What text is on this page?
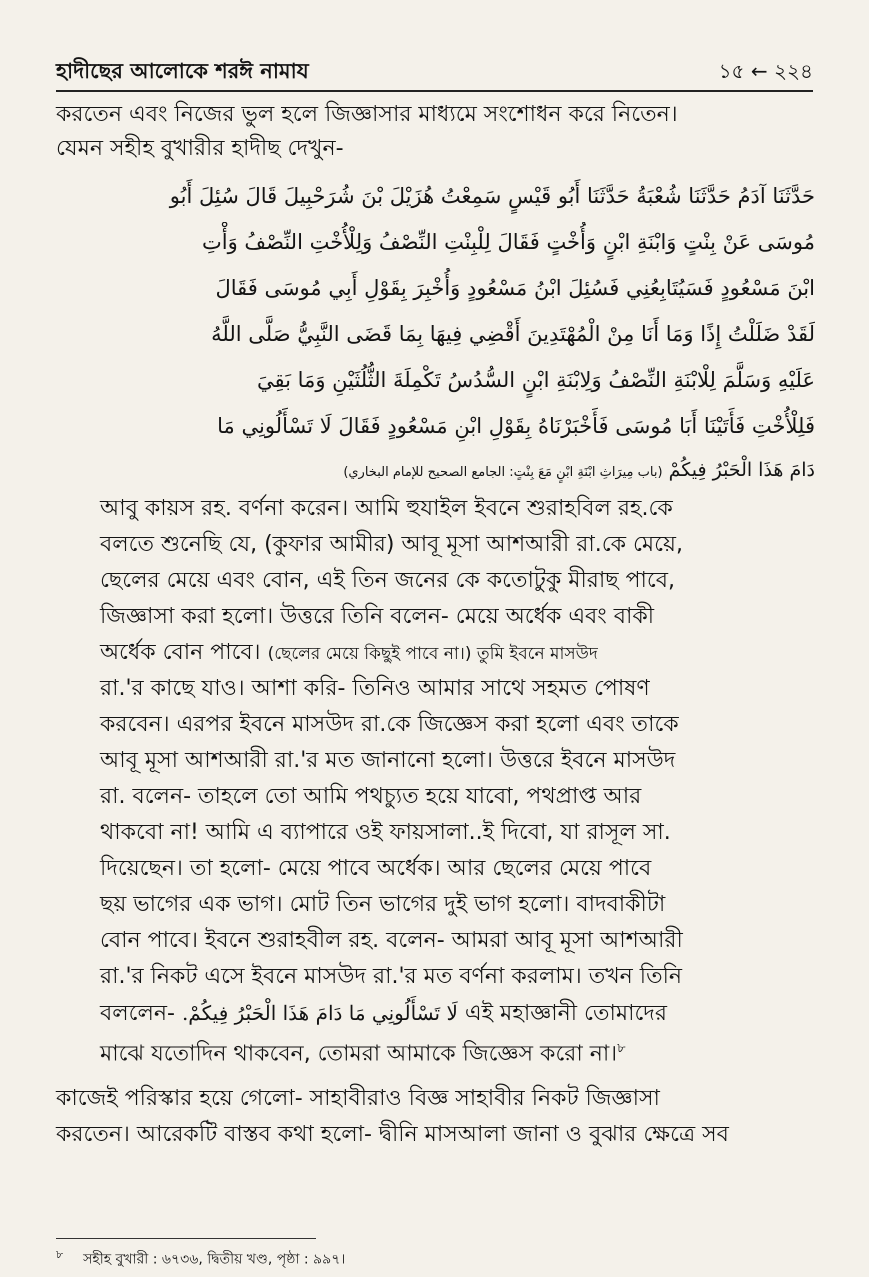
হাদীছের আলোকে শরঈ নামায	১৫ ← ২২৪
করতেন এবং নিজের ভুল হলে জিজ্ঞাসার মাধ্যমে সংশোধন করে নিতেন।
যেমন সহীহ বুখারীর হাদীছ দেখুন-
حَدَّثَنَا آدَمُ حَدَّثَنَا شُعْبَةُ حَدَّثَنَا أَبُو قَيْسٍ سَمِعْتُ هُزَيْلَ بْنَ شُرَحْبِيلَ قَالَ سُئِلَ أَبُو
مُوسَى عَنْ بِنْتٍ وَابْنَةِ ابْنٍ وَأُخْتٍ فَقَالَ لِلْبِنْتِ النِّصْفُ وَلِلْأُخْتِ النِّصْفُ وَأْتِ
ابْنَ مَسْعُودٍ فَسَيُتَابِعُنِي فَسُئِلَ ابْنُ مَسْعُودٍ وَأُخْبِرَ بِقَوْلِ أَبِي مُوسَى فَقَالَ
لَقَدْ ضَلَلْتُ إِذًا وَمَا أَنَا مِنْ الْمُهْتَدِينَ أَقْضِي فِيهَا بِمَا قَضَى النَّبِيُّ صَلَّى اللَّهُ
عَلَيْهِ وَسَلَّمَ لِلْابْنَةِ النِّصْفُ وَلِابْنَةِ ابْنٍ السُّدُسُ تَكْمِلَةَ الثُّلُثَيْنِ وَمَا بَقِيَ
فَلِلْأُخْتِ فَأَتَيْنَا أَبَا مُوسَى فَأَخْبَرْنَاهُ بِقَوْلِ ابْنِ مَسْعُودٍ فَقَالَ لَا تَسْأَلُونِي مَا
دَامَ هَذَا الْحَبْرُ فِيكُمْ (باب مِيرَاثِ ابْنَةِ ابْنٍ مَعَ بِنْتٍ: الجامع الصحيح للإمام البخاري)
আবু কায়স রহ. বর্ণনা করেন। আমি হুযাইল ইবনে শুরাহবিল রহ.কে
বলতে শুনেছি যে, (কুফার আমীর) আবূ মূসা আশআরী রা.কে মেয়ে,
ছেলের মেয়ে এবং বোন, এই তিন জনের কে কতোটুকু মীরাছ পাবে,
জিজ্ঞাসা করা হলো। উত্তরে তিনি বলেন- মেয়ে অর্ধেক এবং বাকী
অর্ধেক বোন পাবে। (ছেলের মেয়ে কিছুই পাবে না।) তুমি ইবনে মাসউদ
রা.'র কাছে যাও। আশা করি- তিনিও আমার সাথে সহমত পোষণ
করবেন। এরপর ইবনে মাসউদ রা.কে জিজ্ঞেস করা হলো এবং তাকে
আবূ মূসা আশআরী রা.'র মত জানানো হলো। উত্তরে ইবনে মাসউদ
রা. বলেন- তাহলে তো আমি পথচ্যুত হয়ে যাবো, পথপ্রাপ্ত আর
থাকবো না! আমি এ ব্যাপারে ওই ফায়সালা..ই দিবো, যা রাসূল সা.
দিয়েছেন। তা হলো- মেয়ে পাবে অর্ধেক। আর ছেলের মেয়ে পাবে
ছয় ভাগের এক ভাগ। মোট তিন ভাগের দুই ভাগ হলো। বাদবাকীটা
বোন পাবে। ইবনে শুরাহবীল রহ. বলেন- আমরা আবূ মূসা আশআরী
রা.'র নিকট এসে ইবনে মাসউদ রা.'র মত বর্ণনা করলাম। তখন তিনি
বললেন- لَا تَسْأَلُونِي مَا دَامَ هَذَا الْحَبْرُ فِيكُمْ. এই মহাজ্ঞানী তোমাদের
মাঝে যতোদিন থাকবেন, তোমরা আমাকে জিজ্ঞেস করো না।$^৮$
কাজেই পরিস্কার হয়ে গেলো- সাহাবীরাও বিজ্ঞ সাহাবীর নিকট জিজ্ঞাসা
করতেন। আরেকটি বাস্তব কথা হলো- দ্বীনি মাসআলা জানা ও বুঝার ক্ষেত্রে সব
$^৮$ সহীহ বুখারী : ৬৭৩৬, দ্বিতীয় খণ্ড, পৃষ্ঠা : ৯৯৭।
